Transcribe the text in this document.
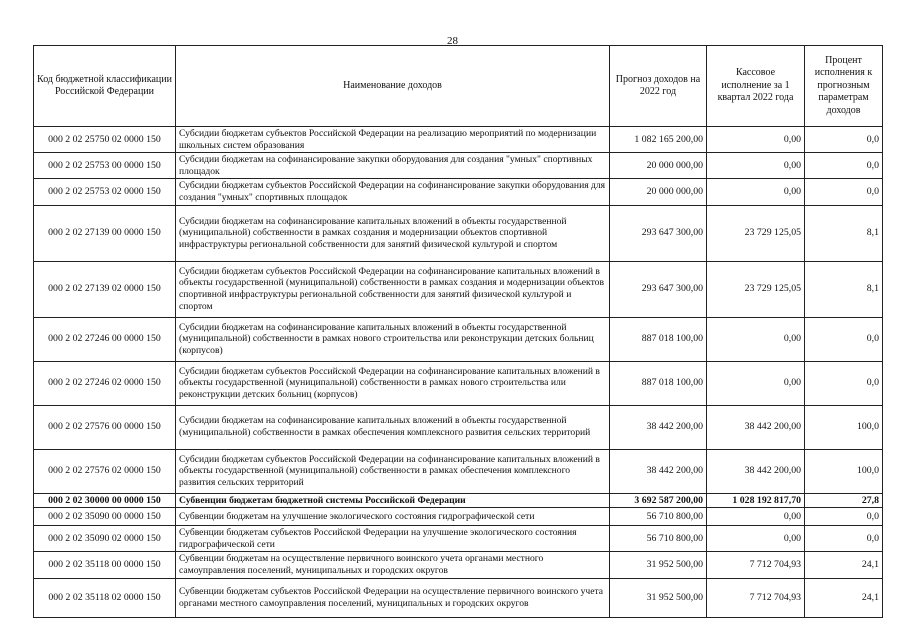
28
Код бюджетной классификации Российской Федерации	Наименование доходов	Прогноз доходов на 2022 год	Кассовое исполнение за 1 квартал 2022 года	Процент исполнения к прогнозным параметрам доходов
000 2 02 25750 02 0000 150	Субсидии бюджетам субъектов Российской Федерации на реализацию мероприятий по модернизации школьных систем образования	1 082 165 200,00	0,00	0,0
000 2 02 25753 00 0000 150	Субсидии бюджетам на софинансирование закупки оборудования для создания "умных" спортивных площадок	20 000 000,00	0,00	0,0
000 2 02 25753 02 0000 150	Субсидии бюджетам субъектов Российской Федерации на софинансирование закупки оборудования для создания "умных" спортивных площадок	20 000 000,00	0,00	0,0
000 2 02 27139 00 0000 150	Субсидии бюджетам на софинансирование капитальных вложений в объекты государственной (муниципальной) собственности в рамках создания и модернизации объектов спортивной инфраструктуры региональной собственности для занятий физической культурой и спортом	293 647 300,00	23 729 125,05	8,1
000 2 02 27139 02 0000 150	Субсидии бюджетам субъектов Российской Федерации на софинансирование капитальных вложений в объекты государственной (муниципальной) собственности в рамках создания и модернизации объектов спортивной инфраструктуры региональной собственности для занятий физической культурой и спортом	293 647 300,00	23 729 125,05	8,1
000 2 02 27246 00 0000 150	Субсидии бюджетам на софинансирование капитальных вложений в объекты государственной (муниципальной) собственности в рамках нового строительства или реконструкции детских больниц (корпусов)	887 018 100,00	0,00	0,0
000 2 02 27246 02 0000 150	Субсидии бюджетам субъектов Российской Федерации на софинансирование капитальных вложений в объекты государственной (муниципальной) собственности в рамках нового строительства или реконструкции детских больниц (корпусов)	887 018 100,00	0,00	0,0
000 2 02 27576 00 0000 150	Субсидии бюджетам на софинансирование капитальных вложений в объекты государственной (муниципальной) собственности в рамках обеспечения комплексного развития сельских территорий	38 442 200,00	38 442 200,00	100,0
000 2 02 27576 02 0000 150	Субсидии бюджетам субъектов Российской Федерации на софинансирование капитальных вложений в объекты государственной (муниципальной) собственности в рамках обеспечения комплексного развития сельских территорий	38 442 200,00	38 442 200,00	100,0
000 2 02 30000 00 0000 150	Субвенции бюджетам бюджетной системы Российской Федерации	3 692 587 200,00	1 028 192 817,70	27,8
000 2 02 35090 00 0000 150	Субвенции бюджетам на улучшение экологического состояния гидрографической сети	56 710 800,00	0,00	0,0
000 2 02 35090 02 0000 150	Субвенции бюджетам субъектов Российской Федерации на улучшение экологического состояния гидрографической сети	56 710 800,00	0,00	0,0
000 2 02 35118 00 0000 150	Субвенции бюджетам на осуществление первичного воинского учета органами местного самоуправления поселений, муниципальных и городских округов	31 952 500,00	7 712 704,93	24,1
000 2 02 35118 02 0000 150	Субвенции бюджетам субъектов Российской Федерации на осуществление первичного воинского учета органами местного самоуправления поселений, муниципальных и городских округов	31 952 500,00	7 712 704,93	24,1
